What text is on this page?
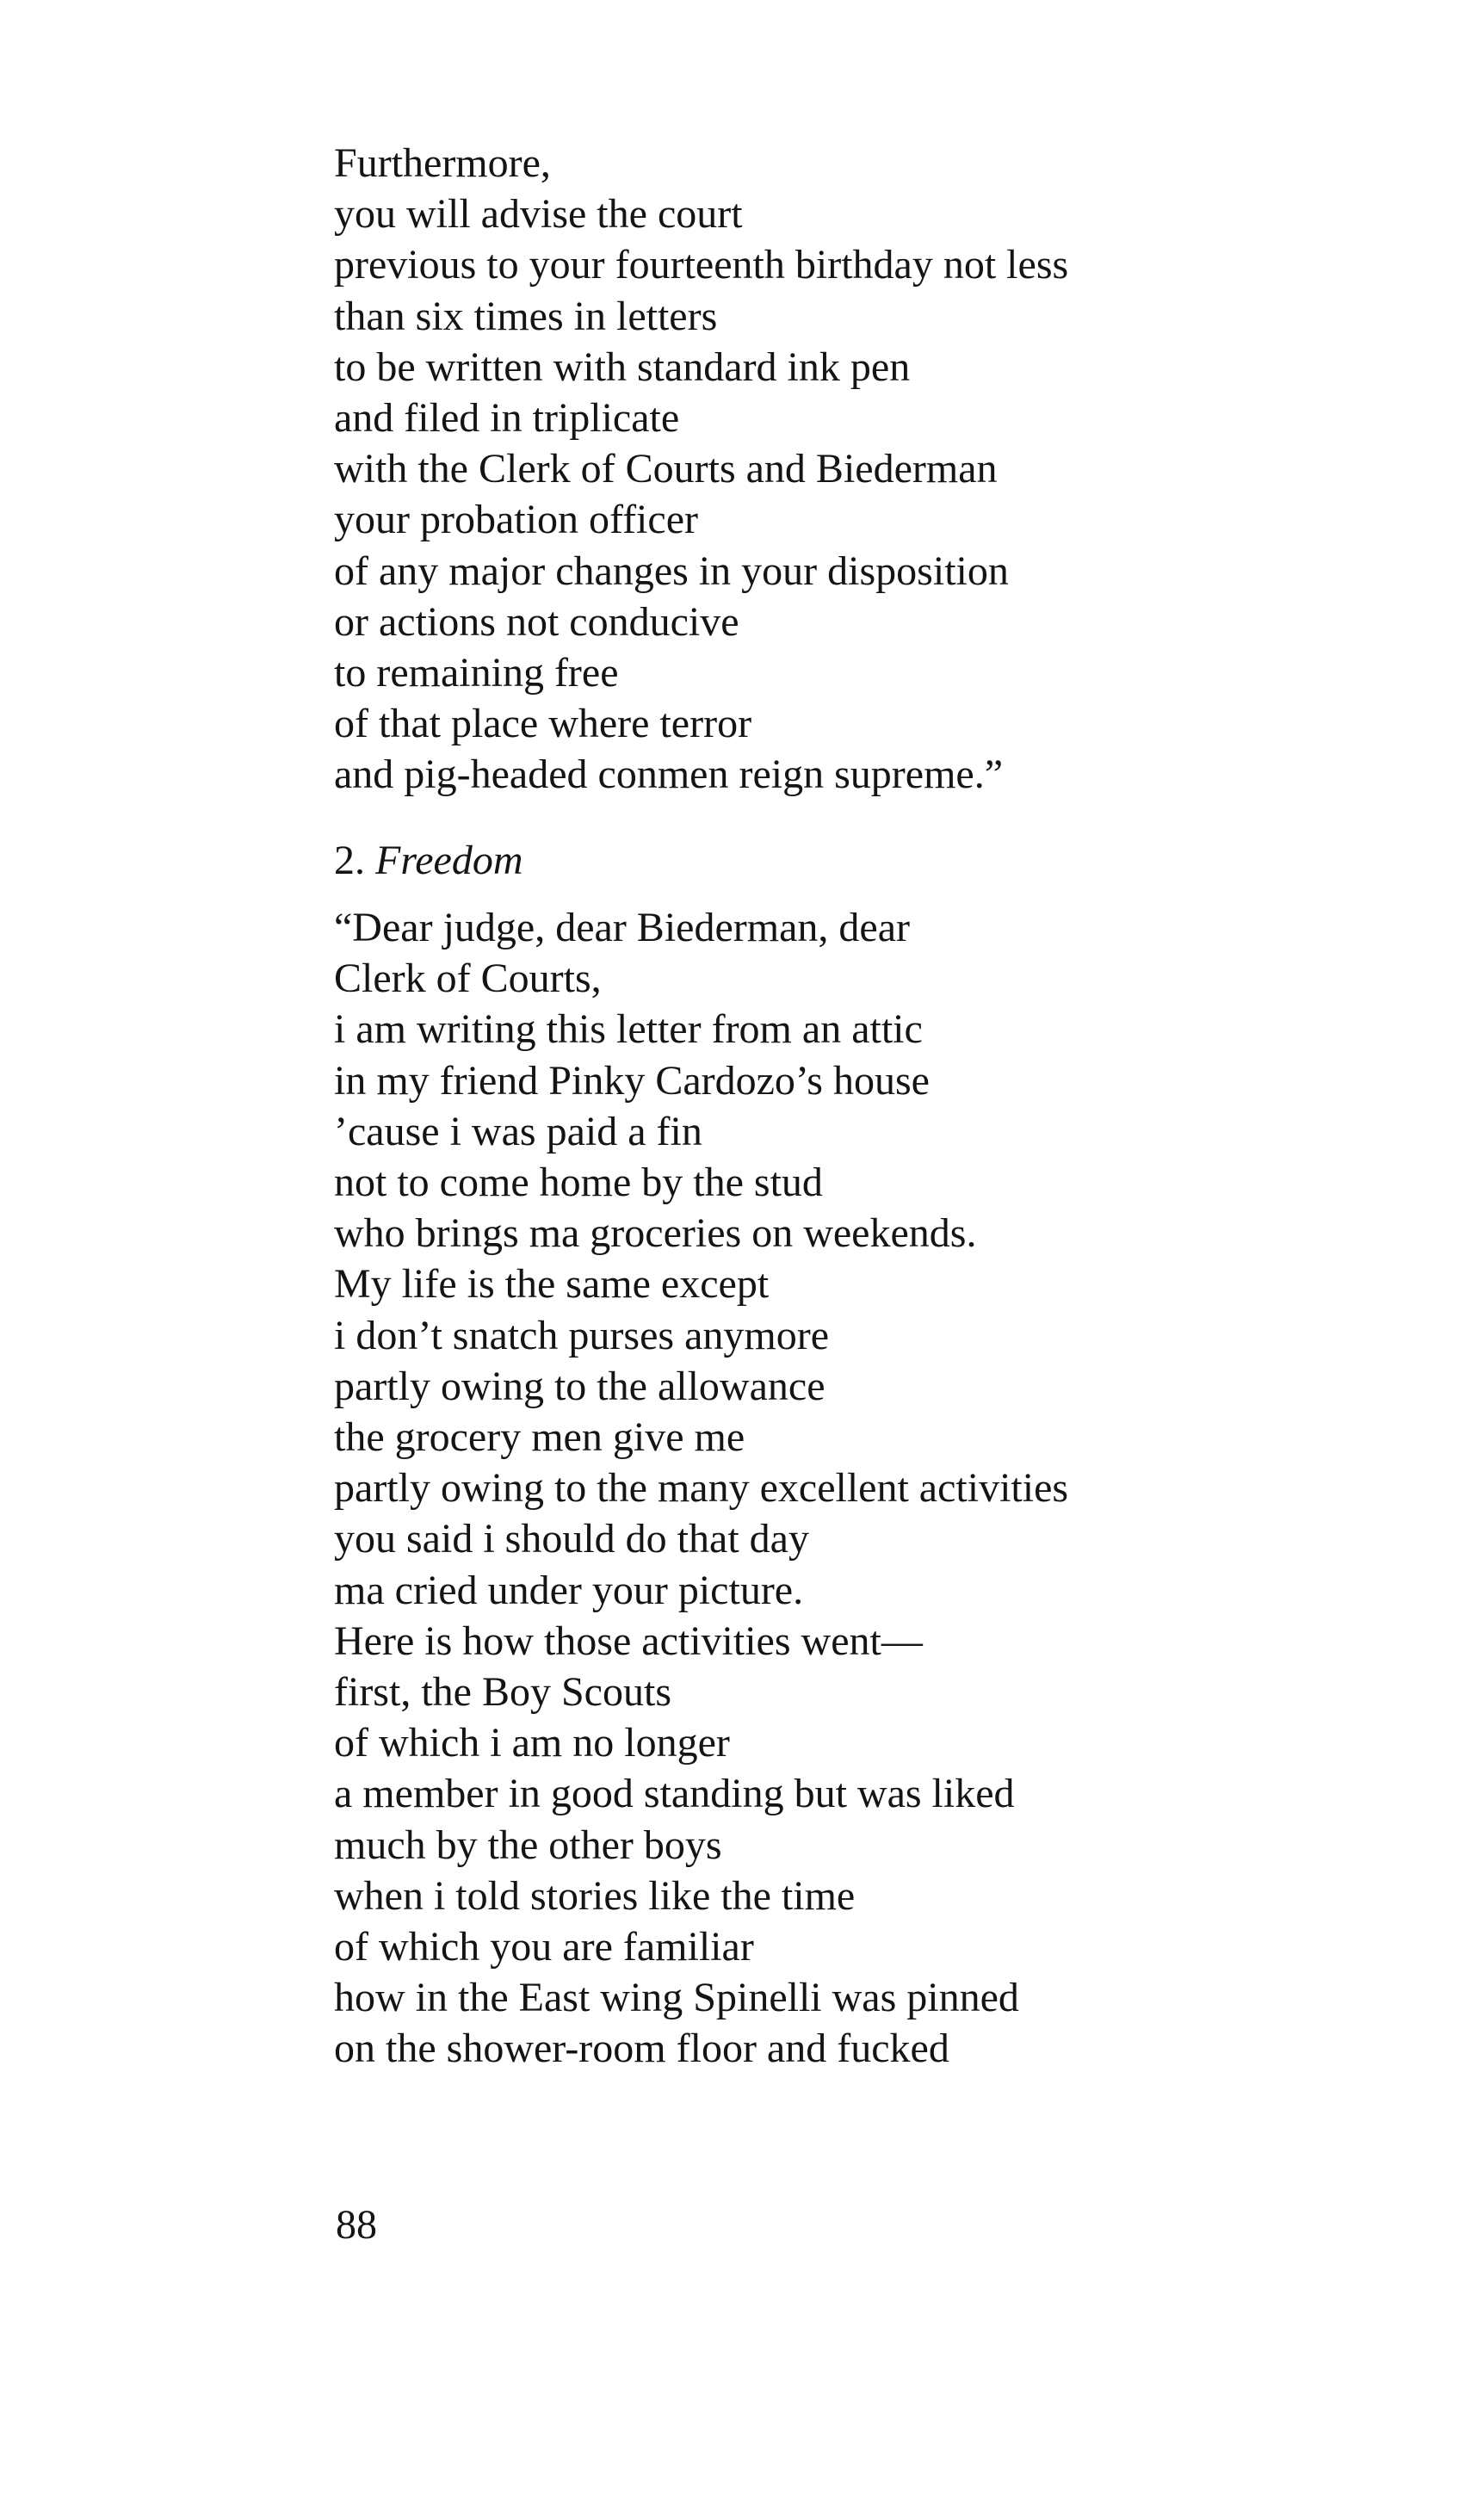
Furthermore,
you will advise the court
previous to your fourteenth birthday not less
than six times in letters
to be written with standard ink pen
and filed in triplicate
with the Clerk of Courts and Biederman
your probation officer
of any major changes in your disposition
or actions not conducive
to remaining free
of that place where terror
and pig-headed conmen reign supreme.”
2. Freedom
“Dear judge, dear Biederman, dear
Clerk of Courts,
i am writing this letter from an attic
in my friend Pinky Cardozo’s house
’cause i was paid a fin
not to come home by the stud
who brings ma groceries on weekends.
My life is the same except
i don’t snatch purses anymore
partly owing to the allowance
the grocery men give me
partly owing to the many excellent activities
you said i should do that day
ma cried under your picture.
Here is how those activities went—
first, the Boy Scouts
of which i am no longer
a member in good standing but was liked
much by the other boys
when i told stories like the time
of which you are familiar
how in the East wing Spinelli was pinned
on the shower-room floor and fucked
88
